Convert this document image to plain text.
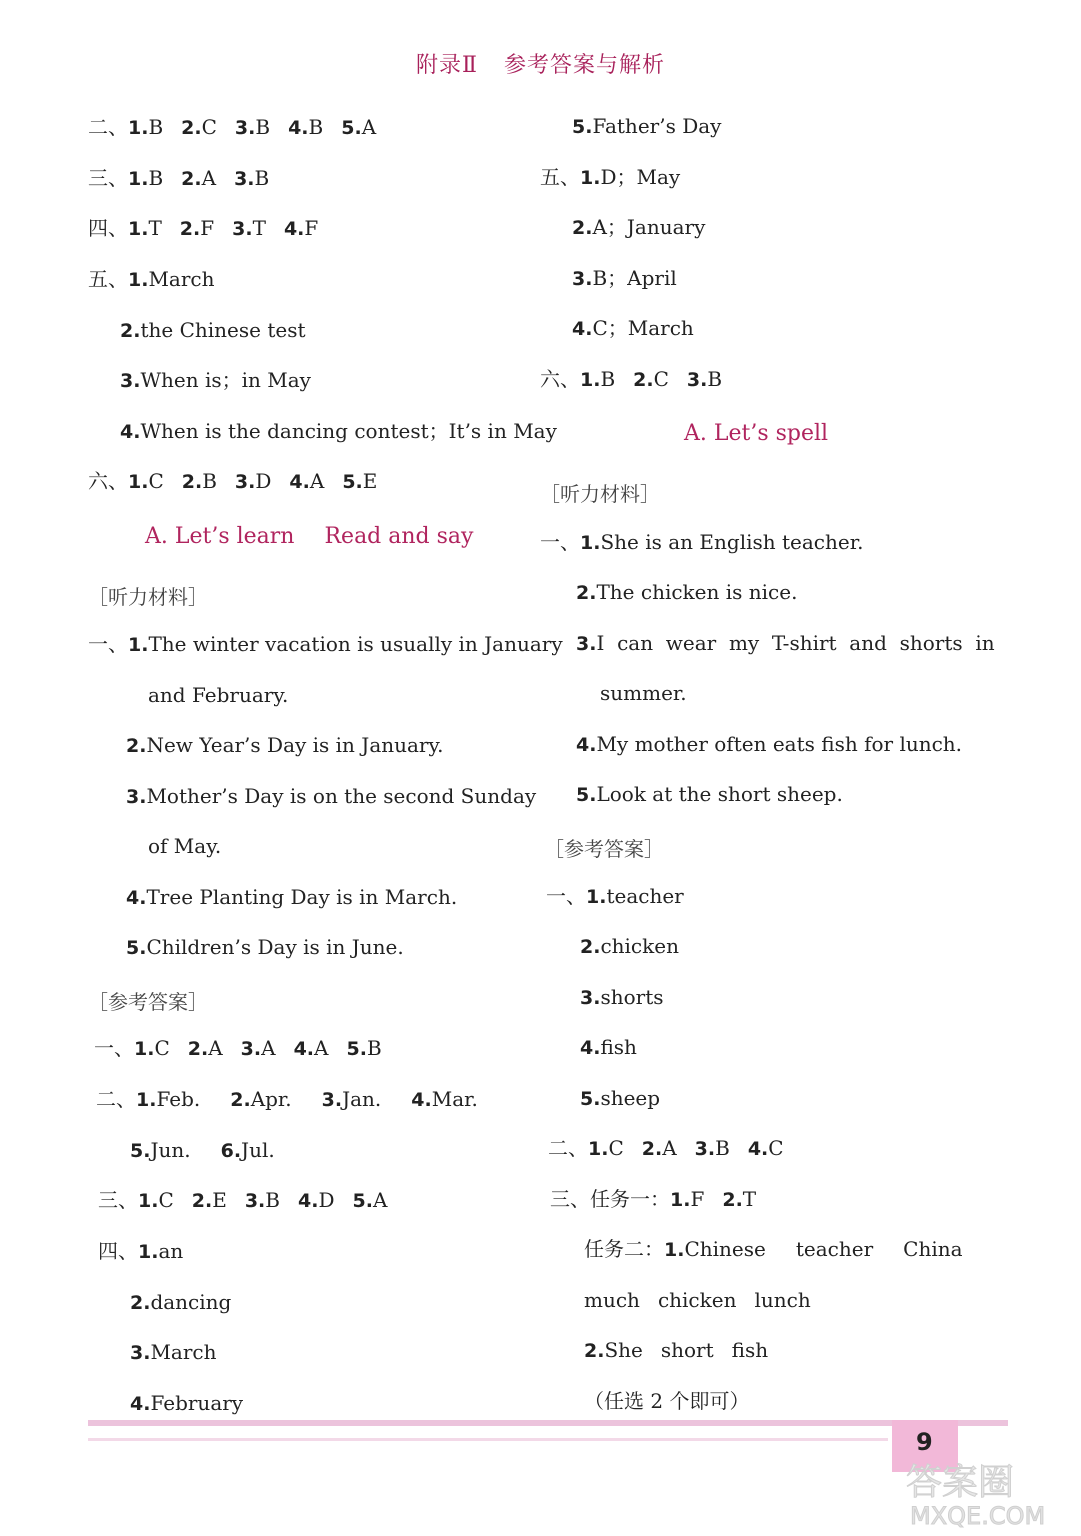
附录Ⅱ 参考答案与解析
二、1.B 2.C 3.B 4.B 5.A
三、1.B 2.A 3.B
四、1.T 2.F 3.T 4.F
五、1.March
2.the Chinese test
3.When is；in May
4.When is the dancing contest；It’s in May
六、1.C 2.B 3.D 4.A 5.E
A. Let’s learn Read and say
［听力材料］
一、1.The winter vacation is usually in January
and February.
2.New Year’s Day is in January.
3.Mother’s Day is on the second Sunday
of May.
4.Tree Planting Day is in March.
5.Children’s Day is in June.
［参考答案］
一、1.C 2.A 3.A 4.A 5.B
二、1.Feb. 2.Apr. 3.Jan. 4.Mar.
5.Jun. 6.Jul.
三、1.C 2.E 3.B 4.D 5.A
四、1.an
2.dancing
3.March
4.February
5.Father’s Day
五、1.D；May
2.A；January
3.B；April
4.C；March
六、1.B 2.C 3.B
A. Let’s spell
［听力材料］
一、1.She is an English teacher.
2.The chicken is nice.
3.I  can  wear  my  T-shirt  and  shorts  in
summer.
4.My mother often eats fish for lunch.
5.Look at the short sheep.
［参考答案］
一、1.teacher
2.chicken
3.shorts
4.fish
5.sheep
二、1.C 2.A 3.B 4.C
三、任务一：1.F 2.T
任务二：1.Chinese teacher China
much chicken lunch
2.She short fish
（任选 2 个即可）
9
答案圈
MXQE.COM
